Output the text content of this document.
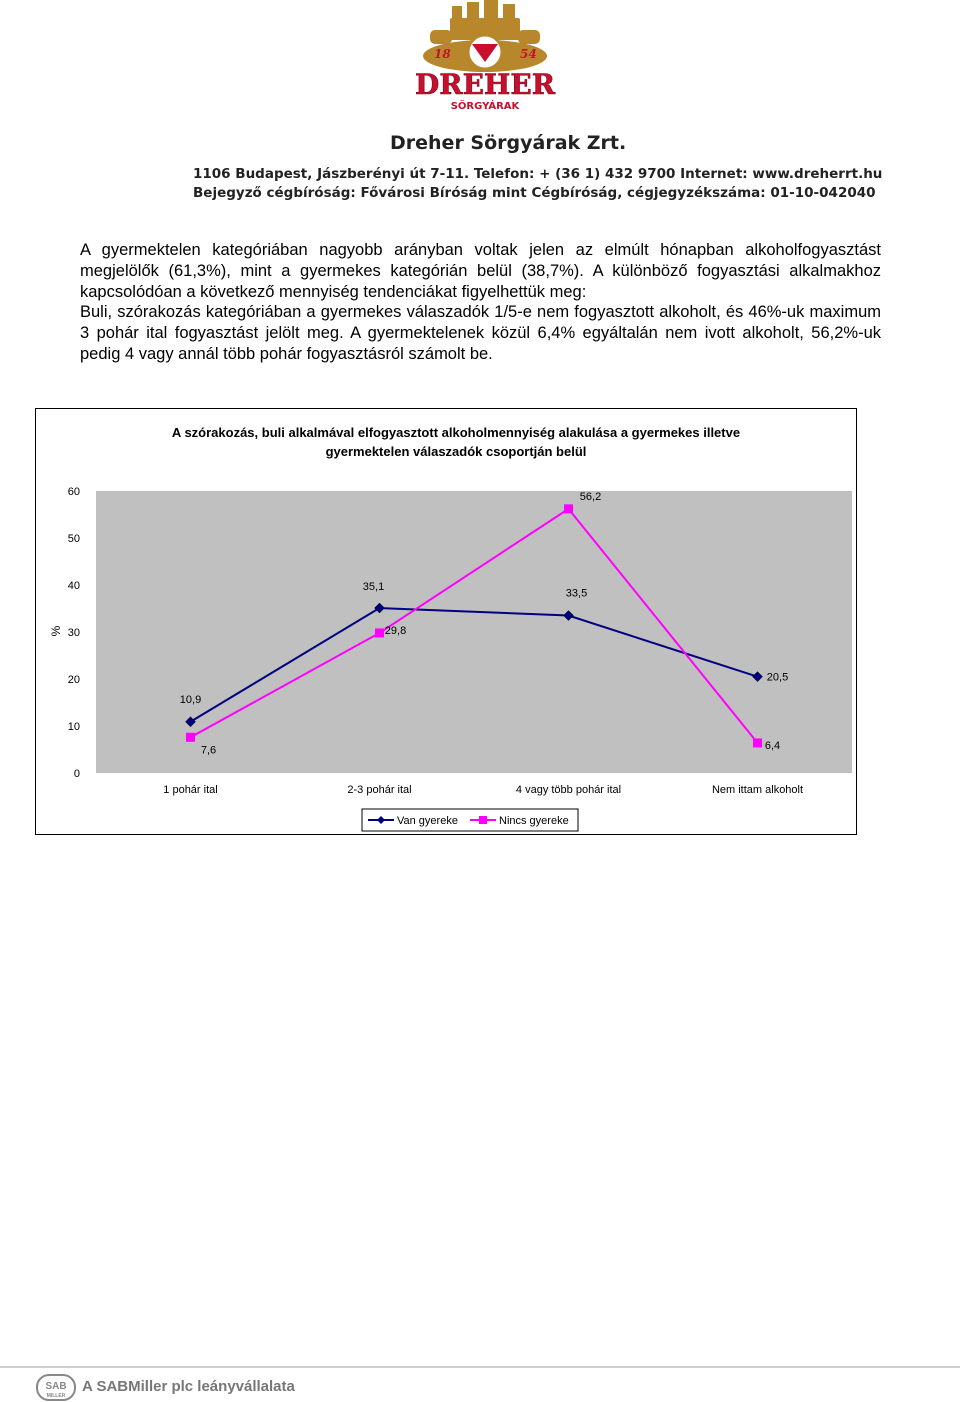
18	54
DREHER
SÖRGYÁRAK
Dreher Sörgyárak Zrt.
1106 Budapest, Jászberényi út 7-11. Telefon: + (36 1) 432 9700 Internet: www.dreherrt.hu
Bejegyző cégbíróság: Fővárosi Bíróság mint Cégbíróság, cégjegyzékszáma: 01-10-042040

A gyermektelen kategóriában nagyobb arányban voltak jelen az elmúlt hónapban alkoholfogyasztást megjelölők (61,3%), mint a gyermekes kategórián belül (38,7%). A különböző fogyasztási alkalmakhoz kapcsolódóan a következő mennyiség tendenciákat figyelhettük meg:

Buli, szórakozás kategóriában a gyermekes válaszadók 1/5-e nem fogyasztott alkoholt, és 46%-uk maximum 3 pohár ital fogyasztást jelölt meg. A gyermektelenek közül 6,4% egyáltalán nem ivott alkoholt, 56,2%-uk pedig 4 vagy annál több pohár fogyasztásról számolt be.

A szórakozás, buli alkalmával elfogyasztott alkoholmennyiség alakulása a gyermekes illetve
gyermektelen válaszadók csoportján belül
%
0
10
20
30
40
50
60
1 pohár ital	2-3 pohár ital	4 vagy több pohár ital	Nem ittam alkoholt
10,9
35,1
33,5
20,5
7,6
29,8
56,2
6,4
Van gyereke	Nincs gyereke
SAB
MILLER
A SABMiller plc leányvállalata
